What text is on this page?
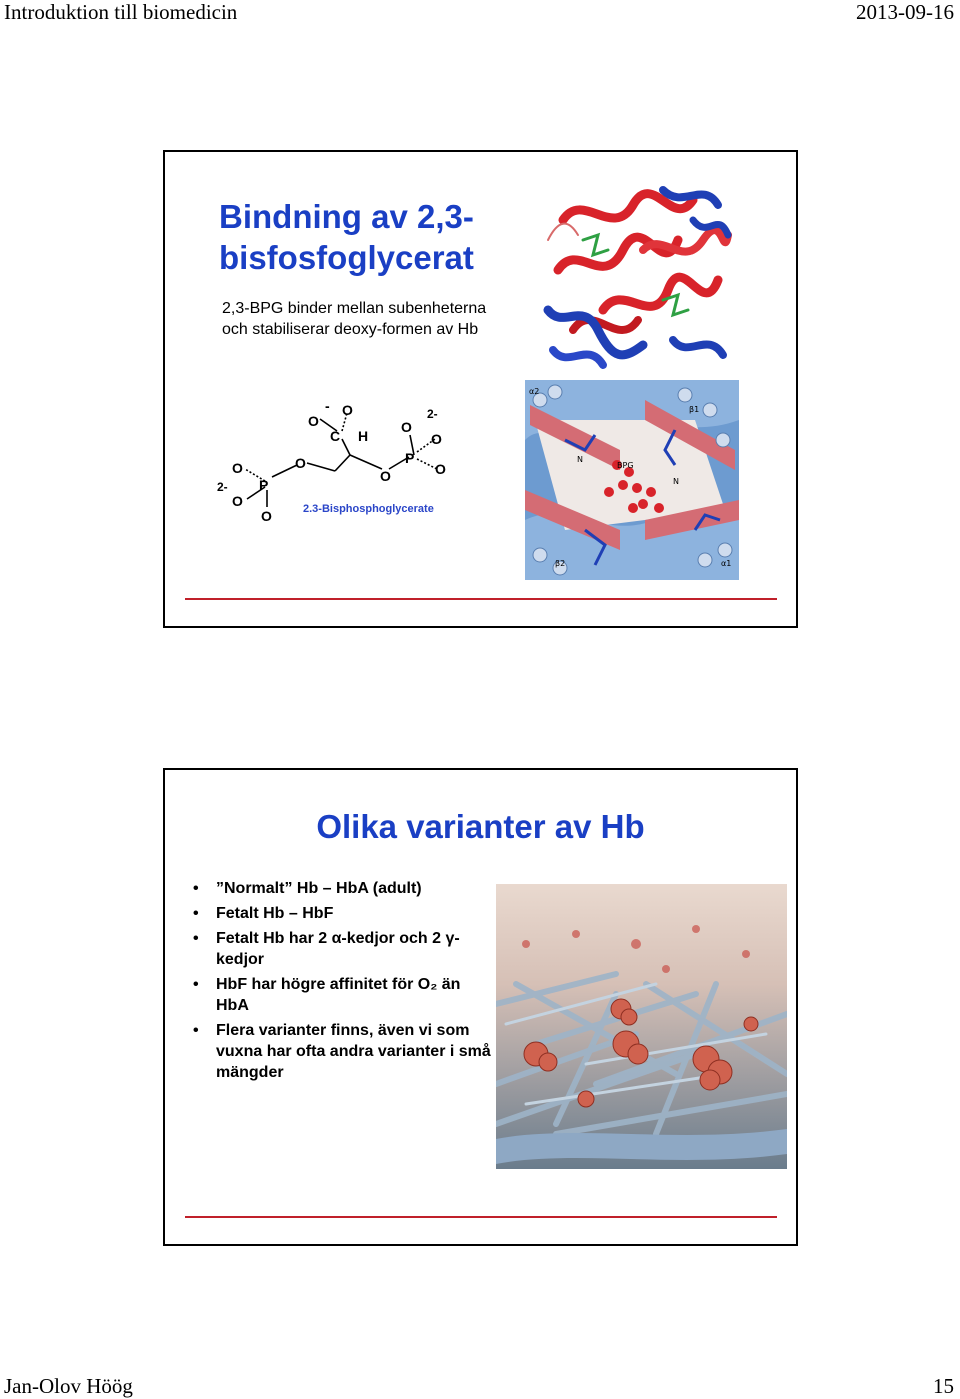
Introduktion till biomedicin	2013-09-16
Bindning av 2,3-bisfosfoglycerat

2,3-BPG binder mellan subenheterna och stabiliserar deoxy-formen av Hb

-
O
O
C H
O
O
O
2-
O
P
O
O
P
2-
O
O	2.3-Bisphosphoglycerate
α2
β1
β2	α1
BPG
N
N
Olika varianter av Hb
• ”Normalt” Hb – HbA (adult)
• Fetalt Hb – HbF
• Fetalt Hb har 2 α-kedjor och 2 γ-kedjor
• HbF har högre affinitet för O₂ än HbA
• Flera varianter finns, även vi som vuxna har ofta andra varianter i små mängder
Jan-Olov Höög	15
